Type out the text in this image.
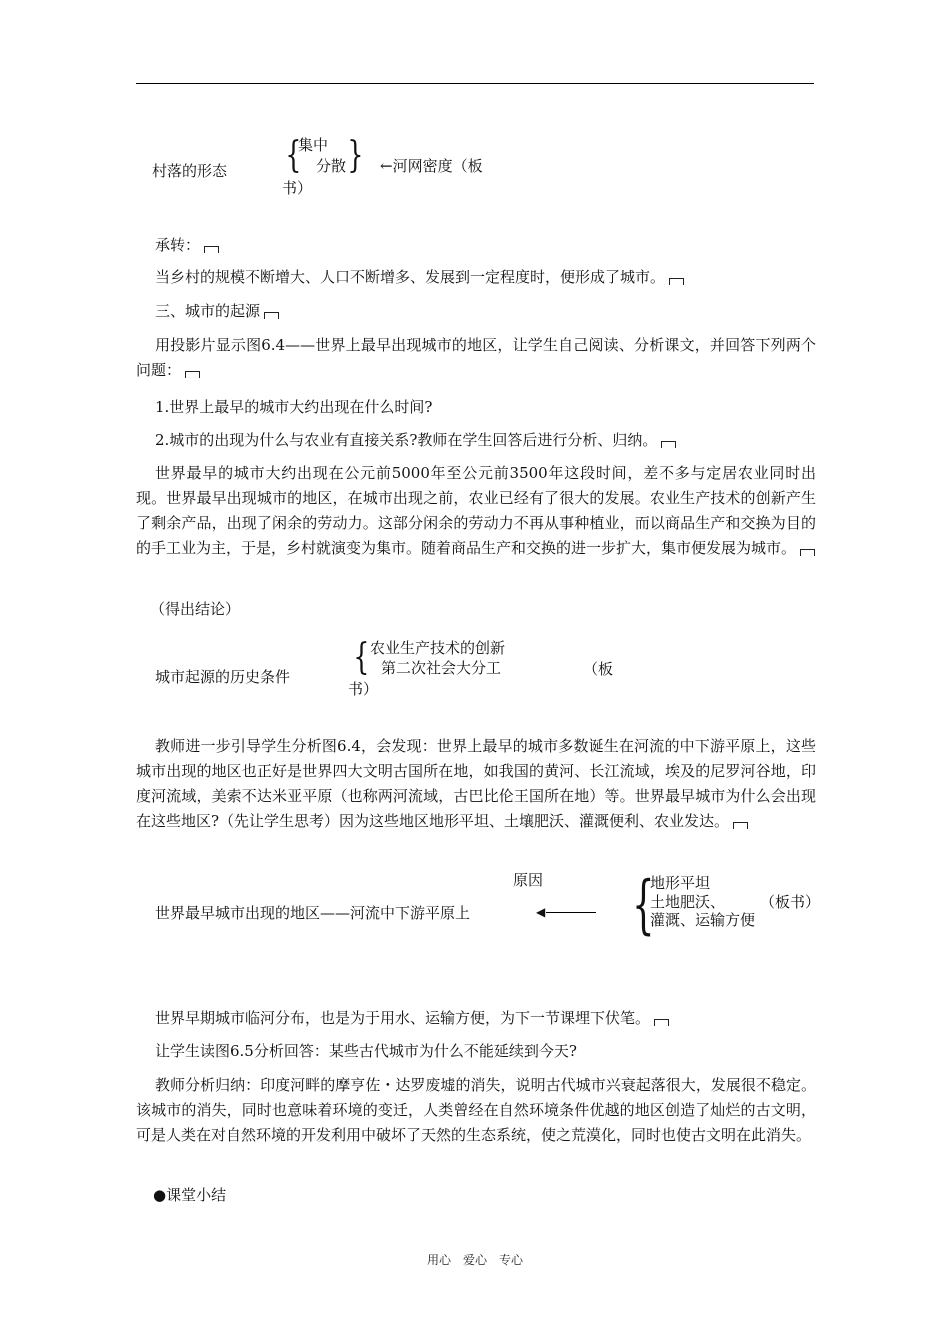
村落的形态 {
集中
分散 } ←河网密度（板
书）
承转：
当乡村的规模不断增大、人口不断增多、发展到一定程度时，便形成了城市。
三、城市的起源
用投影片显示图6.4——世界上最早出现城市的地区，让学生自己阅读、分析课文，并回答下列两个问题：
1.世界上最早的城市大约出现在什么时间?
2.城市的出现为什么与农业有直接关系?教师在学生回答后进行分析、归纳。
世界最早的城市大约出现在公元前5000年至公元前3500年这段时间，差不多与定居农业同时出现。世界最早出现城市的地区，在城市出现之前，农业已经有了很大的发展。农业生产技术的创新产生了剩余产品，出现了闲余的劳动力。这部分闲余的劳动力不再从事种植业，而以商品生产和交换为目的的手工业为主，于是，乡村就演变为集市。随着商品生产和交换的进一步扩大，集市便发展为城市。
（得出结论）
城市起源的历史条件 { 农业生产技术的创新
第二次社会大分工	（板
书）
教师进一步引导学生分析图6.4，会发现：世界上最早的城市多数诞生在河流的中下游平原上，这些城市出现的地区也正好是世界四大文明古国所在地，如我国的黄河、长江流域，埃及的尼罗河谷地，印度河流域，美索不达米亚平原（也称两河流域，古巴比伦王国所在地）等。世界最早城市为什么会出现在这些地区?（先让学生思考）因为这些地区地形平坦、土壤肥沃、灌溉便利、农业发达。
原因
世界最早城市出现的地区——河流中下游平原上	◀ {
地形平坦
土地肥沃、
灌溉、运输方便
（板书）
世界早期城市临河分布，也是为于用水、运输方便，为下一节课埋下伏笔。
让学生读图6.5分析回答：某些古代城市为什么不能延续到今天?
教师分析归纳：印度河畔的摩亨佐・达罗废墟的消失，说明古代城市兴衰起落很大，发展很不稳定。该城市的消失，同时也意味着环境的变迁，人类曾经在自然环境条件优越的地区创造了灿烂的古文明，可是人类在对自然环境的开发利用中破坏了天然的生态系统，使之荒漠化，同时也使古文明在此消失。
●课堂小结
用心　爱心　专心
